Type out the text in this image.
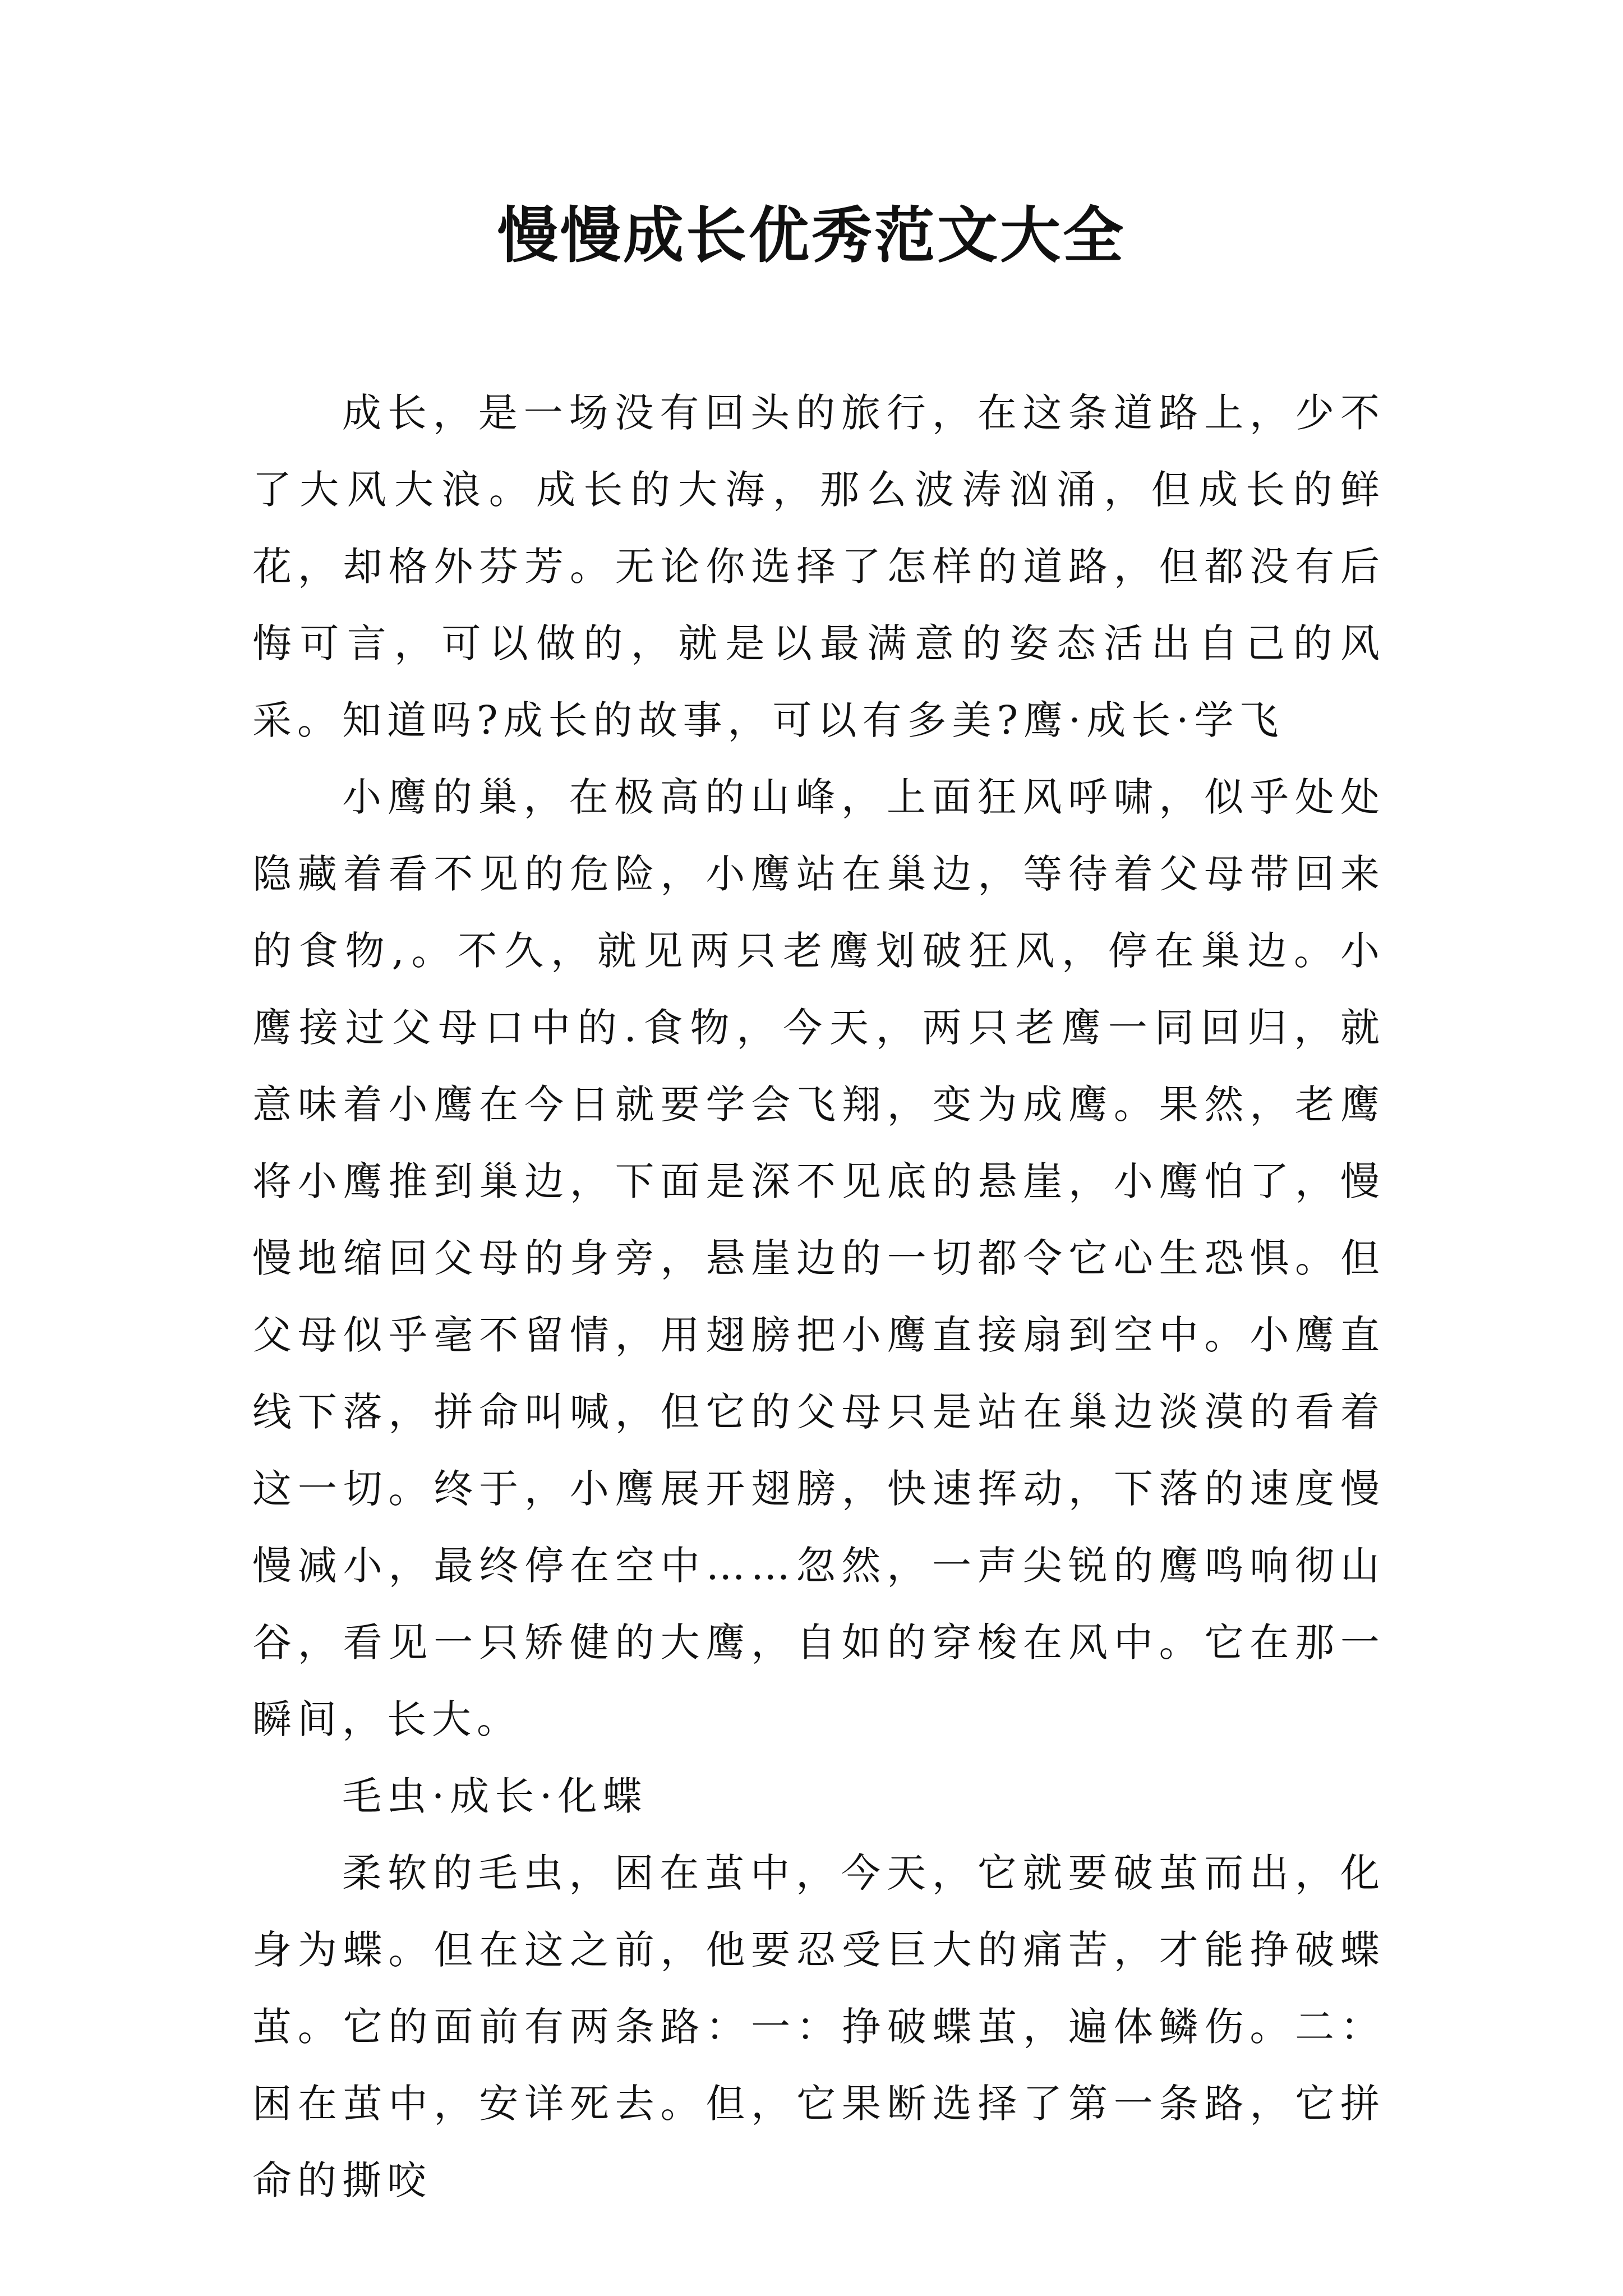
慢慢成长优秀范文大全

成长，是一场没有回头的旅行，在这条道路上，少不了大风大浪。成长的大海，那么波涛汹涌，但成长的鲜花，却格外芬芳。无论你选择了怎样的道路，但都没有后悔可言，可以做的，就是以最满意的姿态活出自己的风采。知道吗?成长的故事，可以有多美?鹰·成长·学飞

小鹰的巢，在极高的山峰，上面狂风呼啸，似乎处处隐藏着看不见的危险，小鹰站在巢边，等待着父母带回来的食物,。不久，就见两只老鹰划破狂风，停在巢边。小鹰接过父母口中的.食物，今天，两只老鹰一同回归，就意味着小鹰在今日就要学会飞翔，变为成鹰。果然，老鹰将小鹰推到巢边，下面是深不见底的悬崖，小鹰怕了，慢慢地缩回父母的身旁，悬崖边的一切都令它心生恐惧。但父母似乎毫不留情，用翅膀把小鹰直接扇到空中。小鹰直线下落，拼命叫喊，但它的父母只是站在巢边淡漠的看着这一切。终于，小鹰展开翅膀，快速挥动，下落的速度慢慢减小，最终停在空中……忽然，一声尖锐的鹰鸣响彻山谷，看见一只矫健的大鹰，自如的穿梭在风中。它在那一瞬间，长大。

毛虫·成长·化蝶

柔软的毛虫，困在茧中，今天，它就要破茧而出，化身为蝶。但在这之前，他要忍受巨大的痛苦，才能挣破蝶茧。它的面前有两条路：一：挣破蝶茧，遍体鳞伤。二：困在茧中，安详死去。但，它果断选择了第一条路，它拼命的撕咬
